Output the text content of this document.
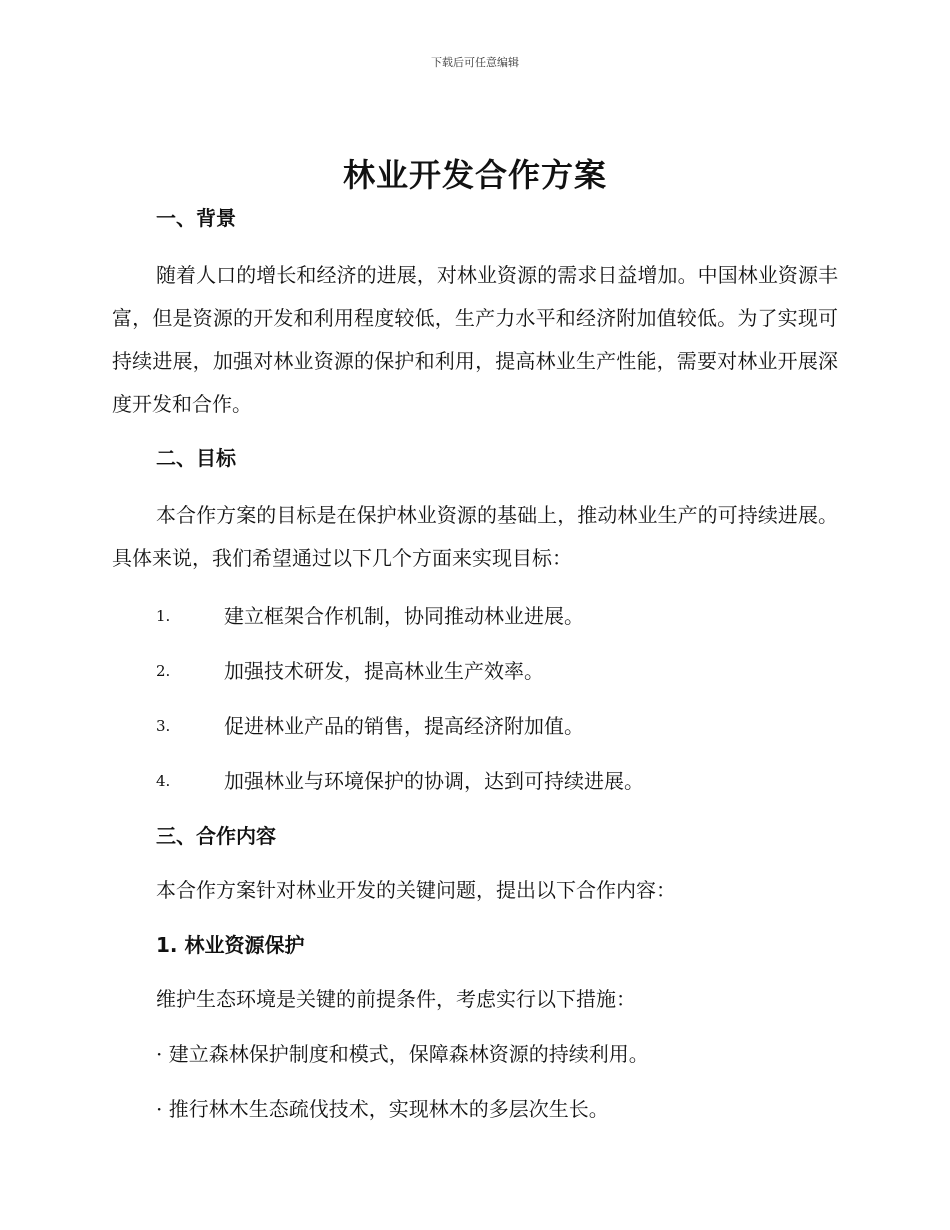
下载后可任意编辑
林业开发合作方案
一、背景

随着人口的增长和经济的进展，对林业资源的需求日益增加。中国林业资源丰富，但是资源的开发和利用程度较低，生产力水平和经济附加值较低。为了实现可持续进展，加强对林业资源的保护和利用，提高林业生产性能，需要对林业开展深度开发和合作。

二、目标

本合作方案的目标是在保护林业资源的基础上，推动林业生产的可持续进展。具体来说，我们希望通过以下几个方面来实现目标：

1.	建立框架合作机制，协同推动林业进展。
2.	加强技术研发，提高林业生产效率。
3.	促进林业产品的销售，提高经济附加值。
4.	加强林业与环境保护的协调，达到可持续进展。
三、合作内容
本合作方案针对林业开发的关键问题，提出以下合作内容：
1. 林业资源保护
维护生态环境是关键的前提条件，考虑实行以下措施：
· 建立森林保护制度和模式，保障森林资源的持续利用。
· 推行林木生态疏伐技术，实现林木的多层次生长。
